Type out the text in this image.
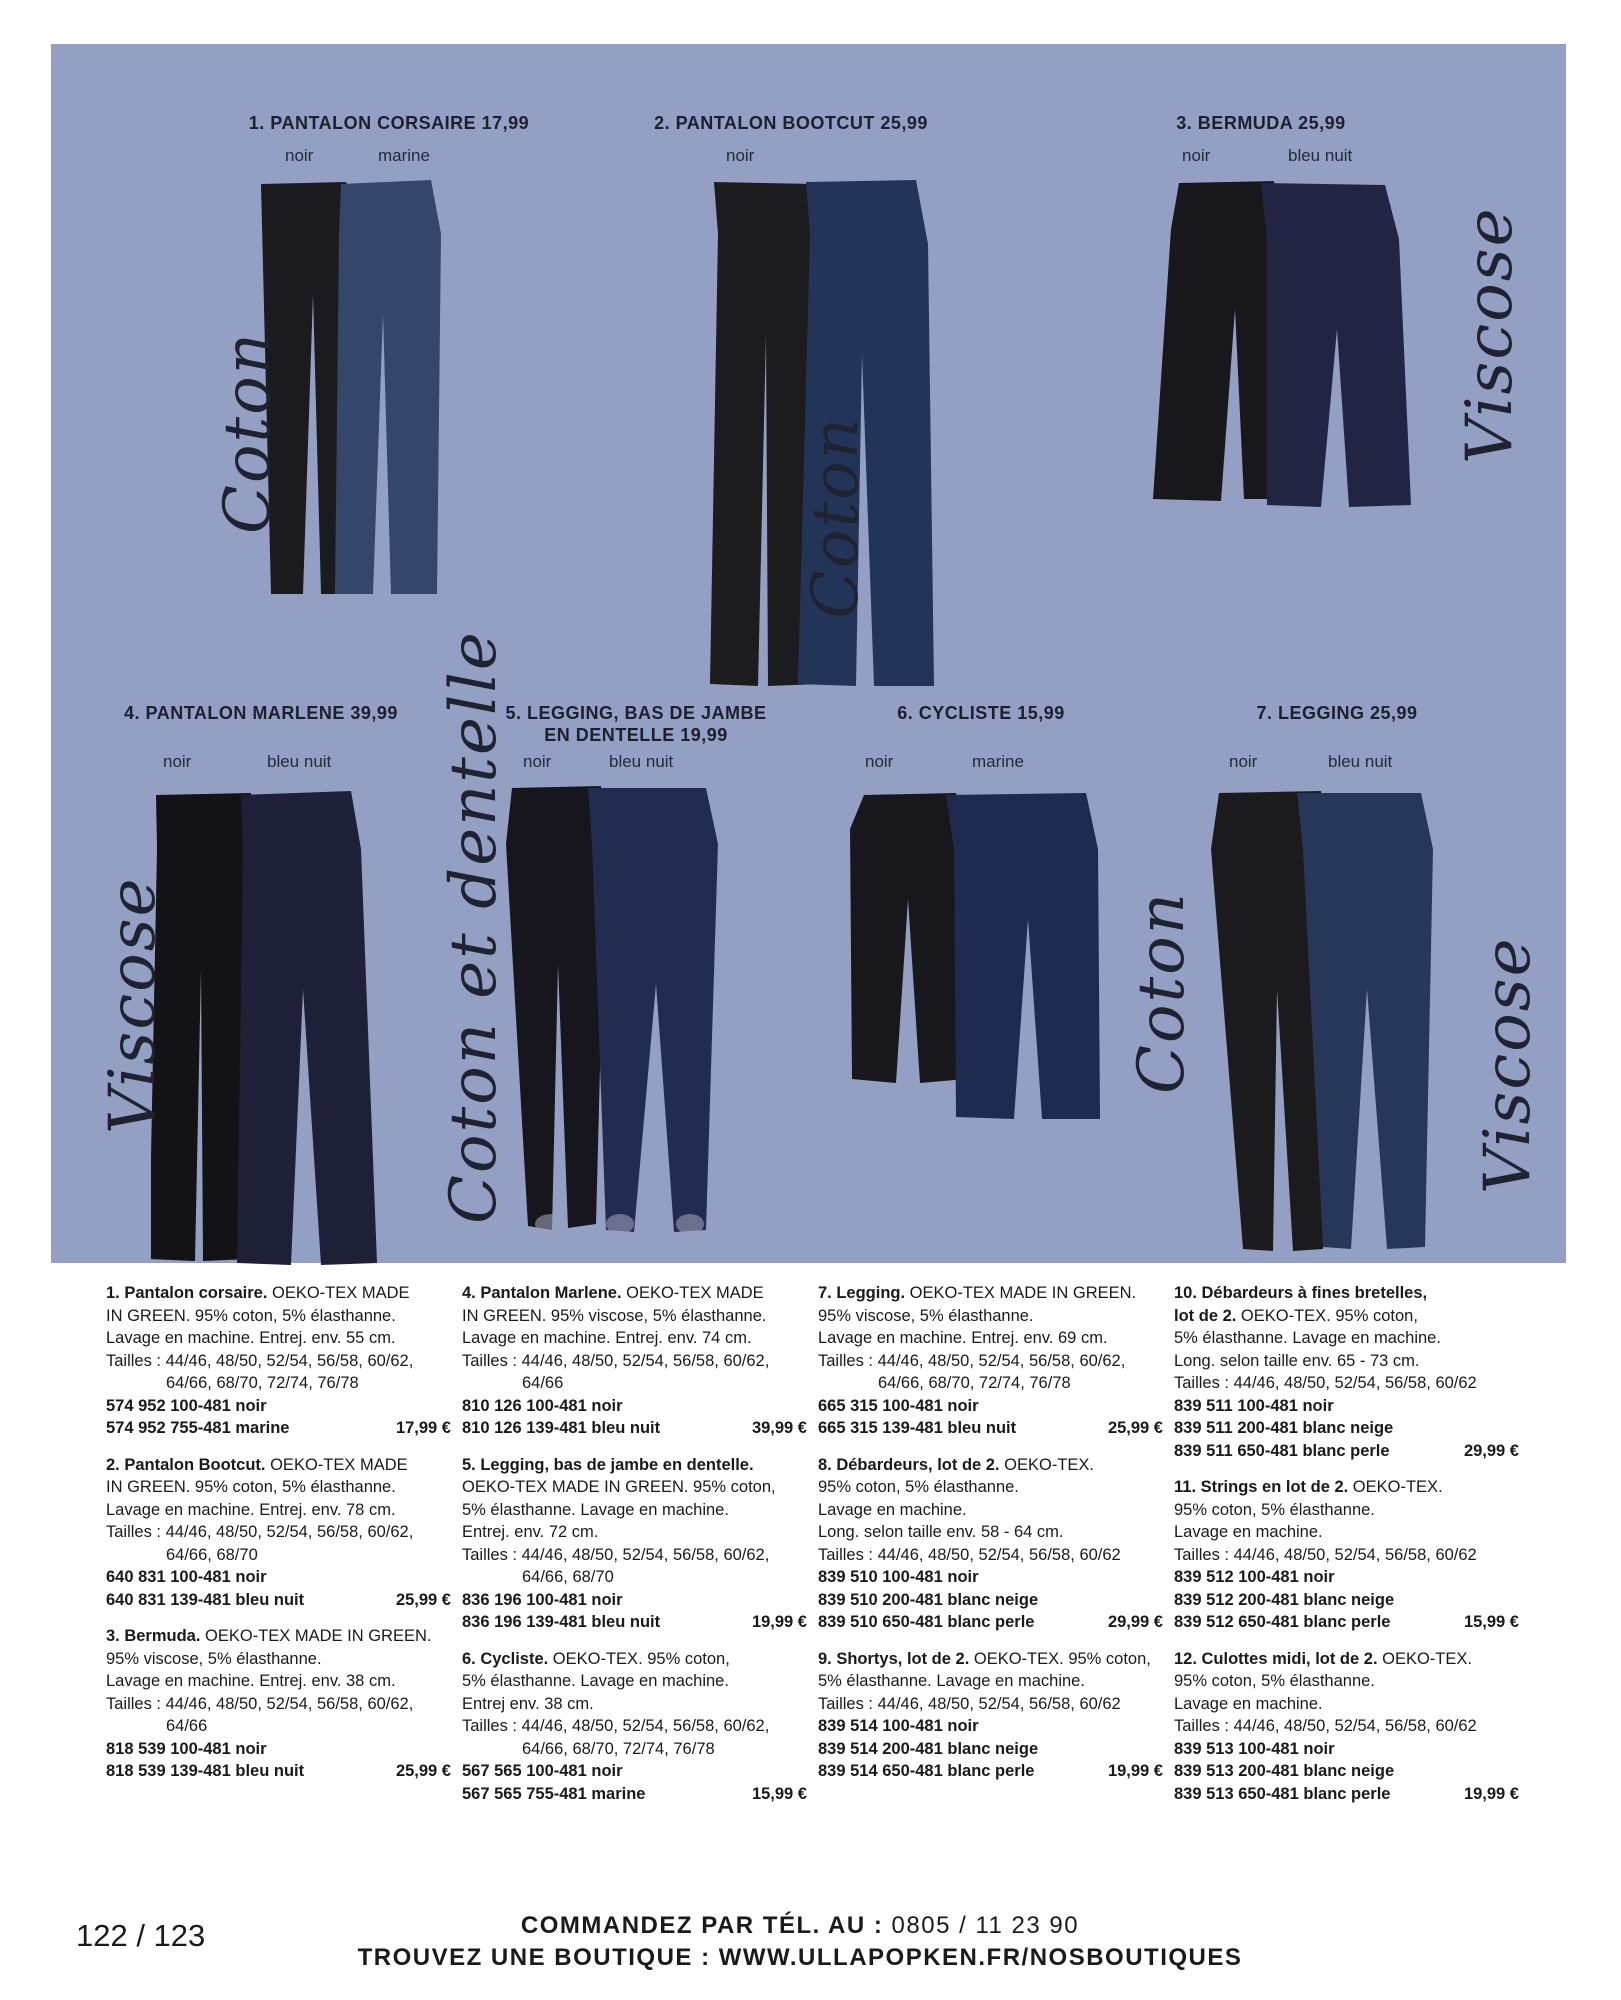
1. PANTALON CORSAIRE 17,99
noir	marine
Coton
2. PANTALON BOOTCUT 25,99
noir
Coton
3. BERMUDA 25,99
noir	bleu nuit
Viscose
4. PANTALON MARLENE 39,99
noir	bleu nuit
Viscose
5. LEGGING, BAS DE JAMBE
EN DENTELLE 19,99
noir	bleu nuit
Coton et dentelle	6. CYCLISTE 15,99
noir	marine
Coton
7. LEGGING 25,99
noir	bleu nuit
Viscose
1. Pantalon corsaire. OEKO-TEX MADE
IN GREEN. 95% coton, 5% élasthanne.
Lavage en machine. Entrej. env. 55 cm.
Tailles : 44/46, 48/50, 52/54, 56/58, 60/62,
64/66, 68/70, 72/74, 76/78
574 952 100-481 noir
574 952 755-481 marine	17,99 €
2. Pantalon Bootcut. OEKO-TEX MADE
IN GREEN. 95% coton, 5% élasthanne.
Lavage en machine. Entrej. env. 78 cm.
Tailles : 44/46, 48/50, 52/54, 56/58, 60/62,
64/66, 68/70
640 831 100-481 noir
640 831 139-481 bleu nuit	25,99 €
3. Bermuda. OEKO-TEX MADE IN GREEN.
95% viscose, 5% élasthanne.
Lavage en machine. Entrej. env. 38 cm.
Tailles : 44/46, 48/50, 52/54, 56/58, 60/62,
64/66
818 539 100-481 noir
818 539 139-481 bleu nuit	25,99 €
4. Pantalon Marlene. OEKO-TEX MADE
IN GREEN. 95% viscose, 5% élasthanne.
Lavage en machine. Entrej. env. 74 cm.
Tailles : 44/46, 48/50, 52/54, 56/58, 60/62,
64/66
810 126 100-481 noir
810 126 139-481 bleu nuit	39,99 €
5. Legging, bas de jambe en dentelle.
OEKO-TEX MADE IN GREEN. 95% coton,
5% élasthanne. Lavage en machine.
Entrej. env. 72 cm.
Tailles : 44/46, 48/50, 52/54, 56/58, 60/62,
64/66, 68/70
836 196 100-481 noir
836 196 139-481 bleu nuit	19,99 €
6. Cycliste. OEKO-TEX. 95% coton,
5% élasthanne. Lavage en machine.
Entrej env. 38 cm.
Tailles : 44/46, 48/50, 52/54, 56/58, 60/62,
64/66, 68/70, 72/74, 76/78
567 565 100-481 noir
567 565 755-481 marine	15,99 €
7. Legging. OEKO-TEX MADE IN GREEN.
95% viscose, 5% élasthanne.
Lavage en machine. Entrej. env. 69 cm.
Tailles : 44/46, 48/50, 52/54, 56/58, 60/62,
64/66, 68/70, 72/74, 76/78
665 315 100-481 noir
665 315 139-481 bleu nuit	25,99 €
8. Débardeurs, lot de 2. OEKO-TEX.
95% coton, 5% élasthanne.
Lavage en machine.
Long. selon taille env. 58 - 64 cm.
Tailles : 44/46, 48/50, 52/54, 56/58, 60/62
839 510 100-481 noir
839 510 200-481 blanc neige
839 510 650-481 blanc perle	29,99 €
9. Shortys, lot de 2. OEKO-TEX. 95% coton,
5% élasthanne. Lavage en machine.
Tailles : 44/46, 48/50, 52/54, 56/58, 60/62
839 514 100-481 noir
839 514 200-481 blanc neige
839 514 650-481 blanc perle	19,99 €
10. Débardeurs à fines bretelles,
lot de 2. OEKO-TEX. 95% coton,
5% élasthanne. Lavage en machine.
Long. selon taille env. 65 - 73 cm.
Tailles : 44/46, 48/50, 52/54, 56/58, 60/62
839 511 100-481 noir
839 511 200-481 blanc neige
839 511 650-481 blanc perle	29,99 €
11. Strings en lot de 2. OEKO-TEX.
95% coton, 5% élasthanne.
Lavage en machine.
Tailles : 44/46, 48/50, 52/54, 56/58, 60/62
839 512 100-481 noir
839 512 200-481 blanc neige
839 512 650-481 blanc perle	15,99 €
12. Culottes midi, lot de 2. OEKO-TEX.
95% coton, 5% élasthanne.
Lavage en machine.
Tailles : 44/46, 48/50, 52/54, 56/58, 60/62
839 513 100-481 noir
839 513 200-481 blanc neige
839 513 650-481 blanc perle	19,99 €
122 / 123	COMMANDEZ PAR TÉL. AU : 0805 / 11 23 90
TROUVEZ UNE BOUTIQUE : WWW.ULLAPOPKEN.FR/NOSBOUTIQUES
